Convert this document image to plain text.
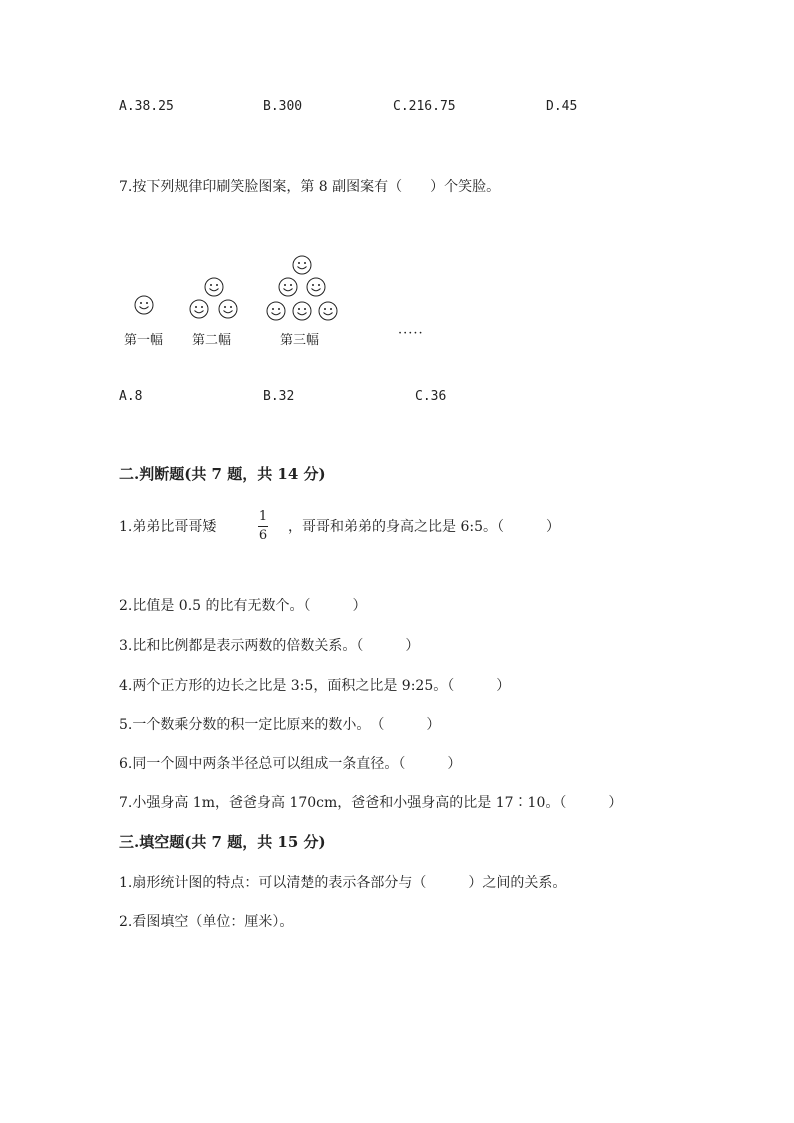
A.38.25	B.300	C.216.75	D.45
7.按下列规律印刷笑脸图案，第 8 副图案有（　　）个笑脸。
第一幅 第二幅	第三幅	·····
A.8	B.32	C.36
二.判断题(共 7 题，共 14 分)
1.弟弟比哥哥矮
1
6
，哥哥和弟弟的身高之比是 6:5。（　　　）
2.比值是 0.5 的比有无数个。（　　　）
3.比和比例都是表示两数的倍数关系。（　　　）
4.两个正方形的边长之比是 3:5，面积之比是 9:25。（　　　）
5.一个数乘分数的积一定比原来的数小。　（　　　）
6.同一个圆中两条半径总可以组成一条直径。（　　　）
7.小强身高 1m，爸爸身高 170cm，爸爸和小强身高的比是 17∶10。（　　　）
三.填空题(共 7 题，共 15 分)
1.扇形统计图的特点：可以清楚的表示各部分与（　　　）之间的关系。
2.看图填空（单位：厘米）。
